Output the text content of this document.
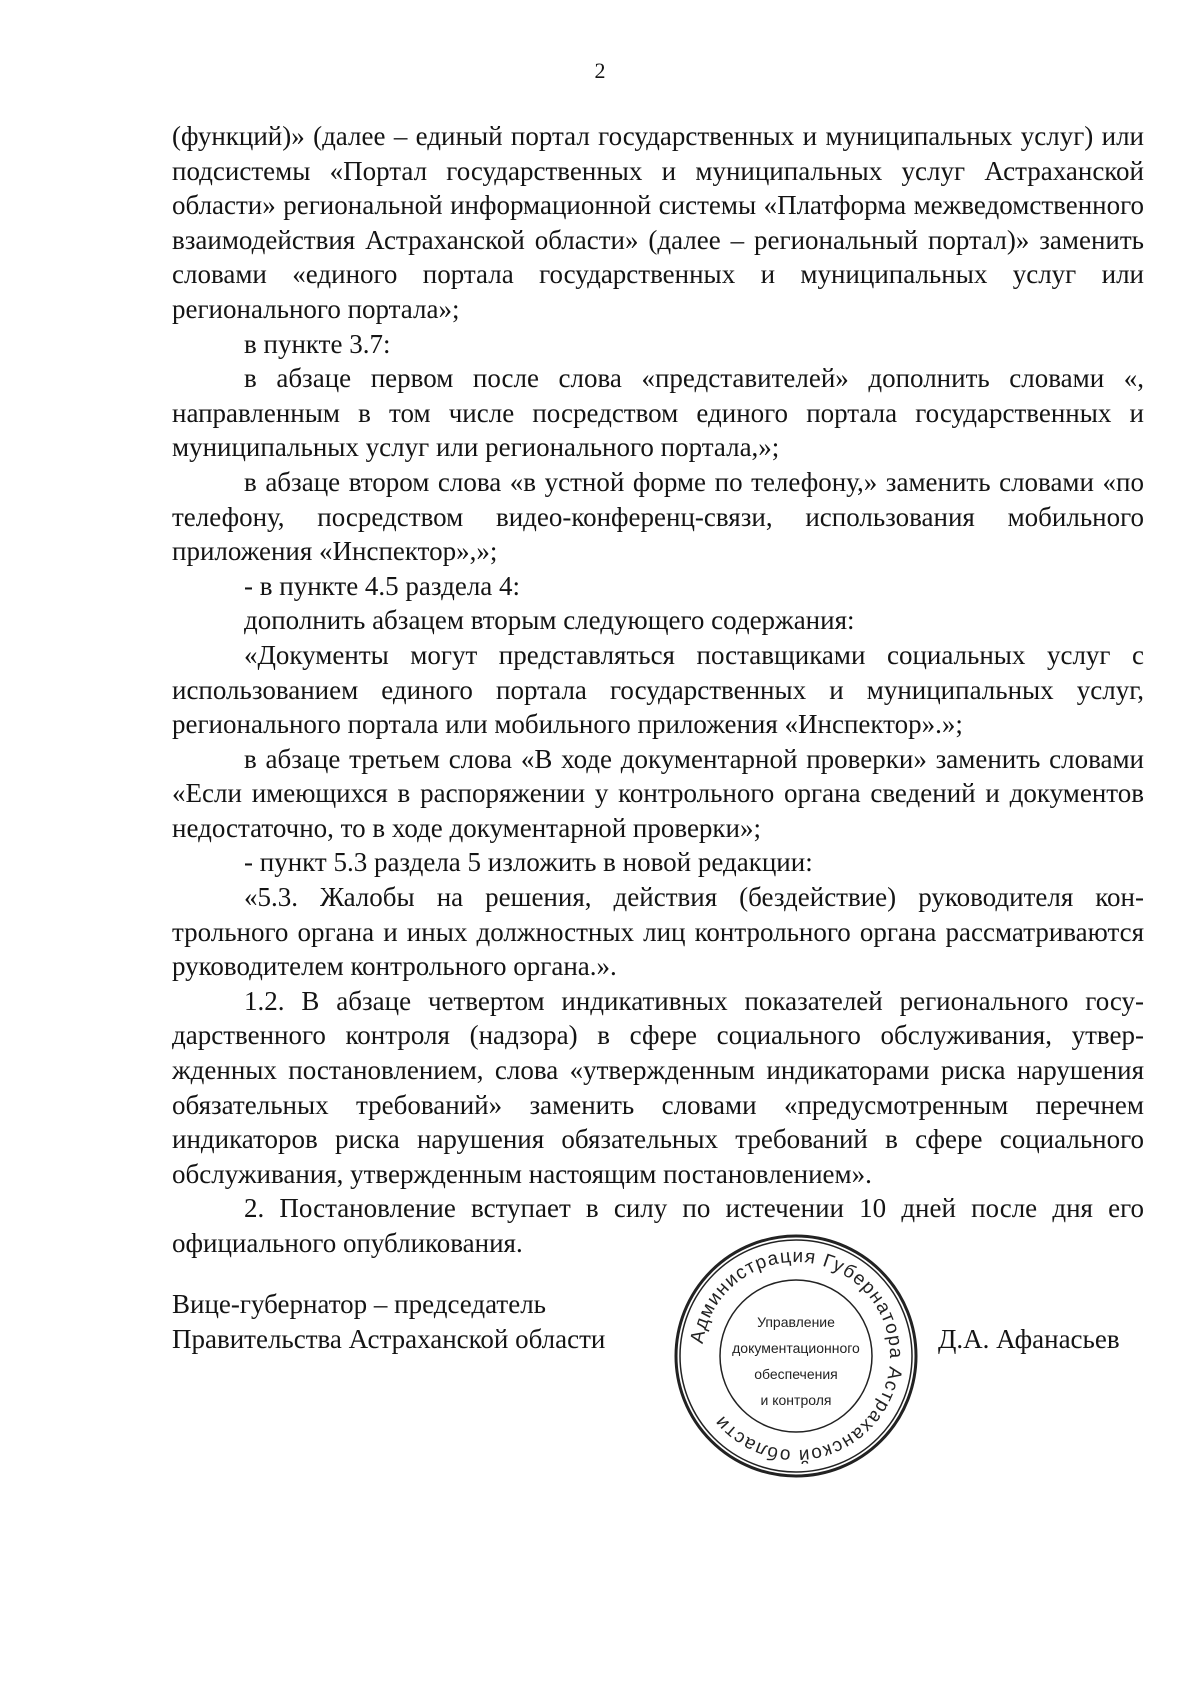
2

(функций)» (далее – единый портал государственных и муниципальных услуг) или подсистемы «Портал государственных и муниципальных услуг Астраханской области» региональной информационной системы «Платформа межведомственного взаимодействия Астраханской области» (далее – региональный портал)» заменить словами «единого портала государственных и муниципальных услуг или регионального портала»;

в пункте 3.7:

в абзаце первом после слова «представителей» дополнить словами «, направленным в том числе посредством единого портала государственных и муниципальных услуг или регионального портала,»;

в абзаце втором слова «в устной форме по телефону,» заменить словами «по телефону, посредством видео-конференц-связи, использования мобильного приложения «Инспектор»,»;

- в пункте 4.5 раздела 4:

дополнить абзацем вторым следующего содержания:

«Документы могут представляться поставщиками социальных услуг с использованием единого портала государственных и муниципальных услуг, регионального портала или мобильного приложения «Инспектор».»;

в абзаце третьем слова «В ходе документарной проверки» заменить словами «Если имеющихся в распоряжении у контрольного органа сведений и документов недостаточно, то в ходе документарной проверки»;

- пункт 5.3 раздела 5 изложить в новой редакции:

«5.3. Жалобы на решения, действия (бездействие) руководителя контрольного органа и иных должностных лиц контрольного органа рассматриваются руководителем контрольного органа.».

1.2. В абзаце четвертом индикативных показателей регионального государственного контроля (надзора) в сфере социального обслуживания, утвержденных постановлением, слова «утвержденным индикаторами риска нарушения обязательных требований» заменить словами «предусмотренным перечнем индикаторов риска нарушения обязательных требований в сфере социального обслуживания, утвержденным настоящим постановлением».

2. Постановление вступает в силу по истечении 10 дней после дня его официального опубликования.

Вице-губернатор – председатель
Правительства Астраханской области	Д.А. Афанасьев
Администрация Губернатора Астраханской области
Управление
документационного
обеспечения
и контроля
